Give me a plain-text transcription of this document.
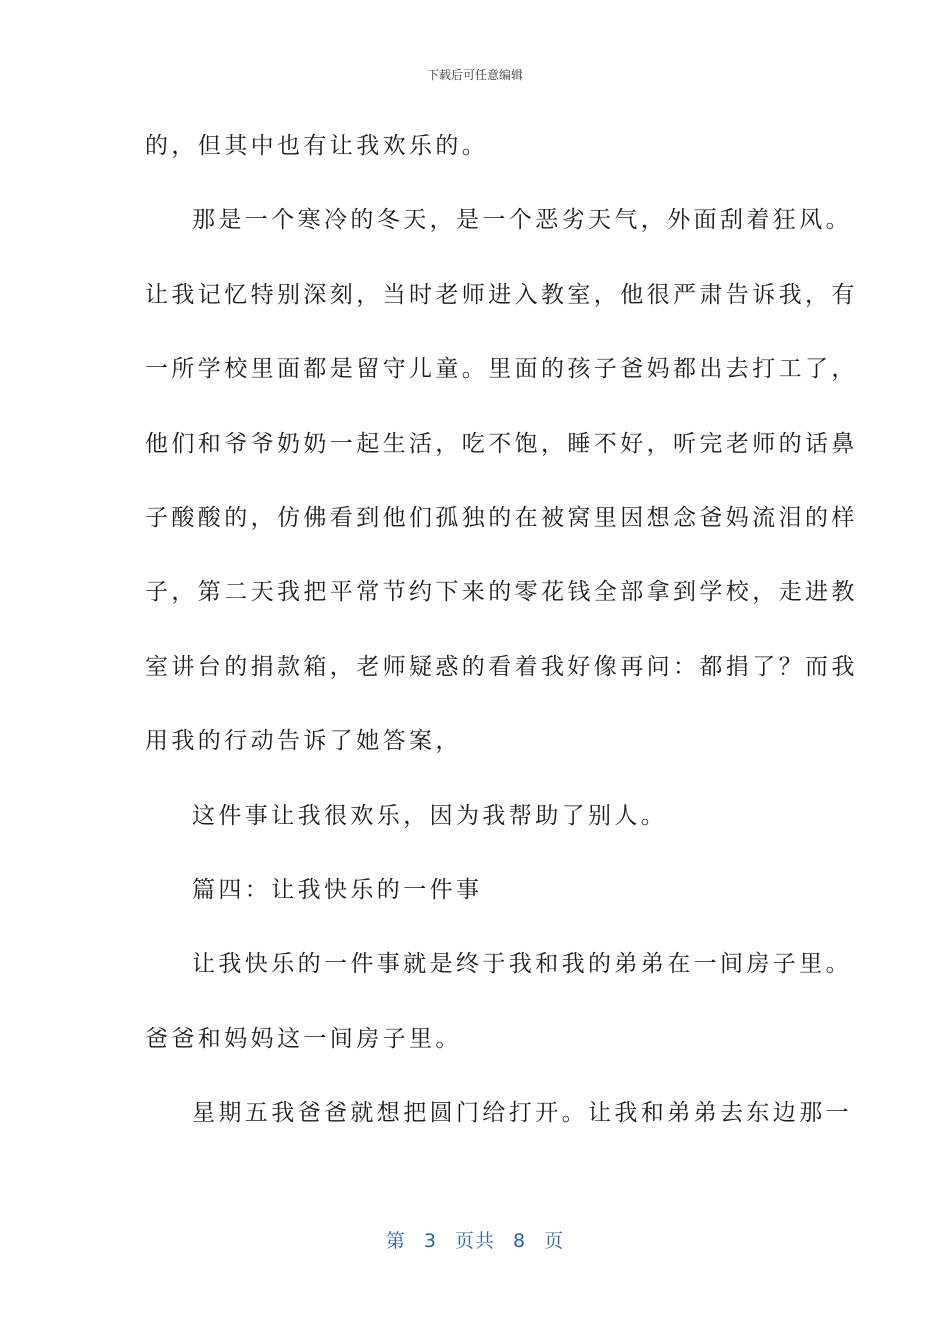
下载后可任意编辑
的，但其中也有让我欢乐的。
那是一个寒冷的冬天，是一个恶劣天气，外面刮着狂风。
让我记忆特别深刻，当时老师进入教室，他很严肃告诉我，有
一所学校里面都是留守儿童。里面的孩子爸妈都出去打工了，
他们和爷爷奶奶一起生活，吃不饱，睡不好，听完老师的话鼻
子酸酸的，仿佛看到他们孤独的在被窝里因想念爸妈流泪的样
子，第二天我把平常节约下来的零花钱全部拿到学校，走进教
室讲台的捐款箱，老师疑惑的看着我好像再问：都捐了？而我
用我的行动告诉了她答案，
这件事让我很欢乐，因为我帮助了别人。
篇四：让我快乐的一件事
让我快乐的一件事就是终于我和我的弟弟在一间房子里。
爸爸和妈妈这一间房子里。
星期五我爸爸就想把圆门给打开。让我和弟弟去东边那一
第 3 页共 8 页
